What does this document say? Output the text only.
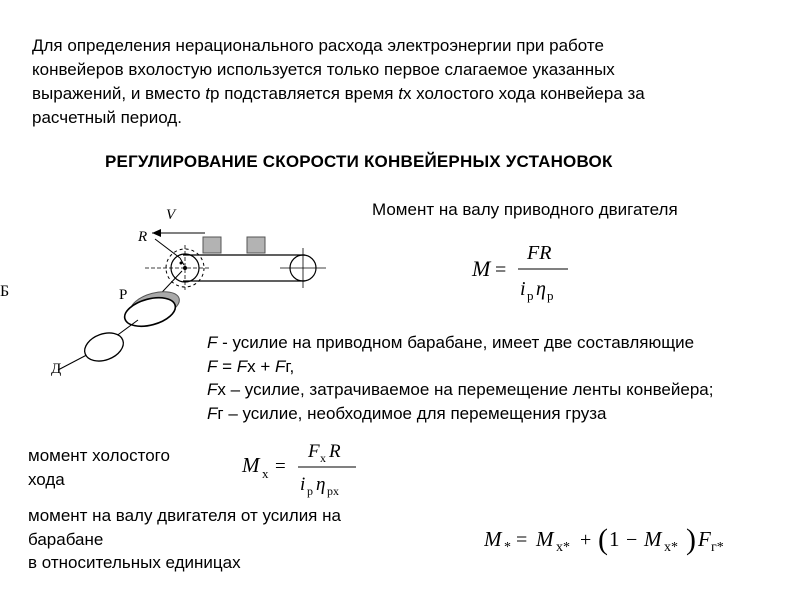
Для определения нерационального расхода электроэнергии при работе
конвейеров вхолостую используется только первое слагаемое указанных
выражений, и вместо tр подставляется время tх холостого хода конвейера за
расчетный период.
РЕГУЛИРОВАНИЕ СКОРОСТИ КОНВЕЙЕРНЫХ УСТАНОВОК
V
R
Р
Д
Б
Момент на валу приводного двигателя
M =
FR
i р η р
F - усилие на приводном барабане, имеет две составляющие
F = Fх + Fг,
Fх – усилие, затрачиваемое на перемещение ленты конвейера;
Fг – усилие, необходимое для перемещения груза
момент холостого хода
M х =
F х R
i р η рх
момент на валу двигателя от усилия на
барабане
в относительных единицах
M * = M х* + ( 1 − M х* ) F г*
